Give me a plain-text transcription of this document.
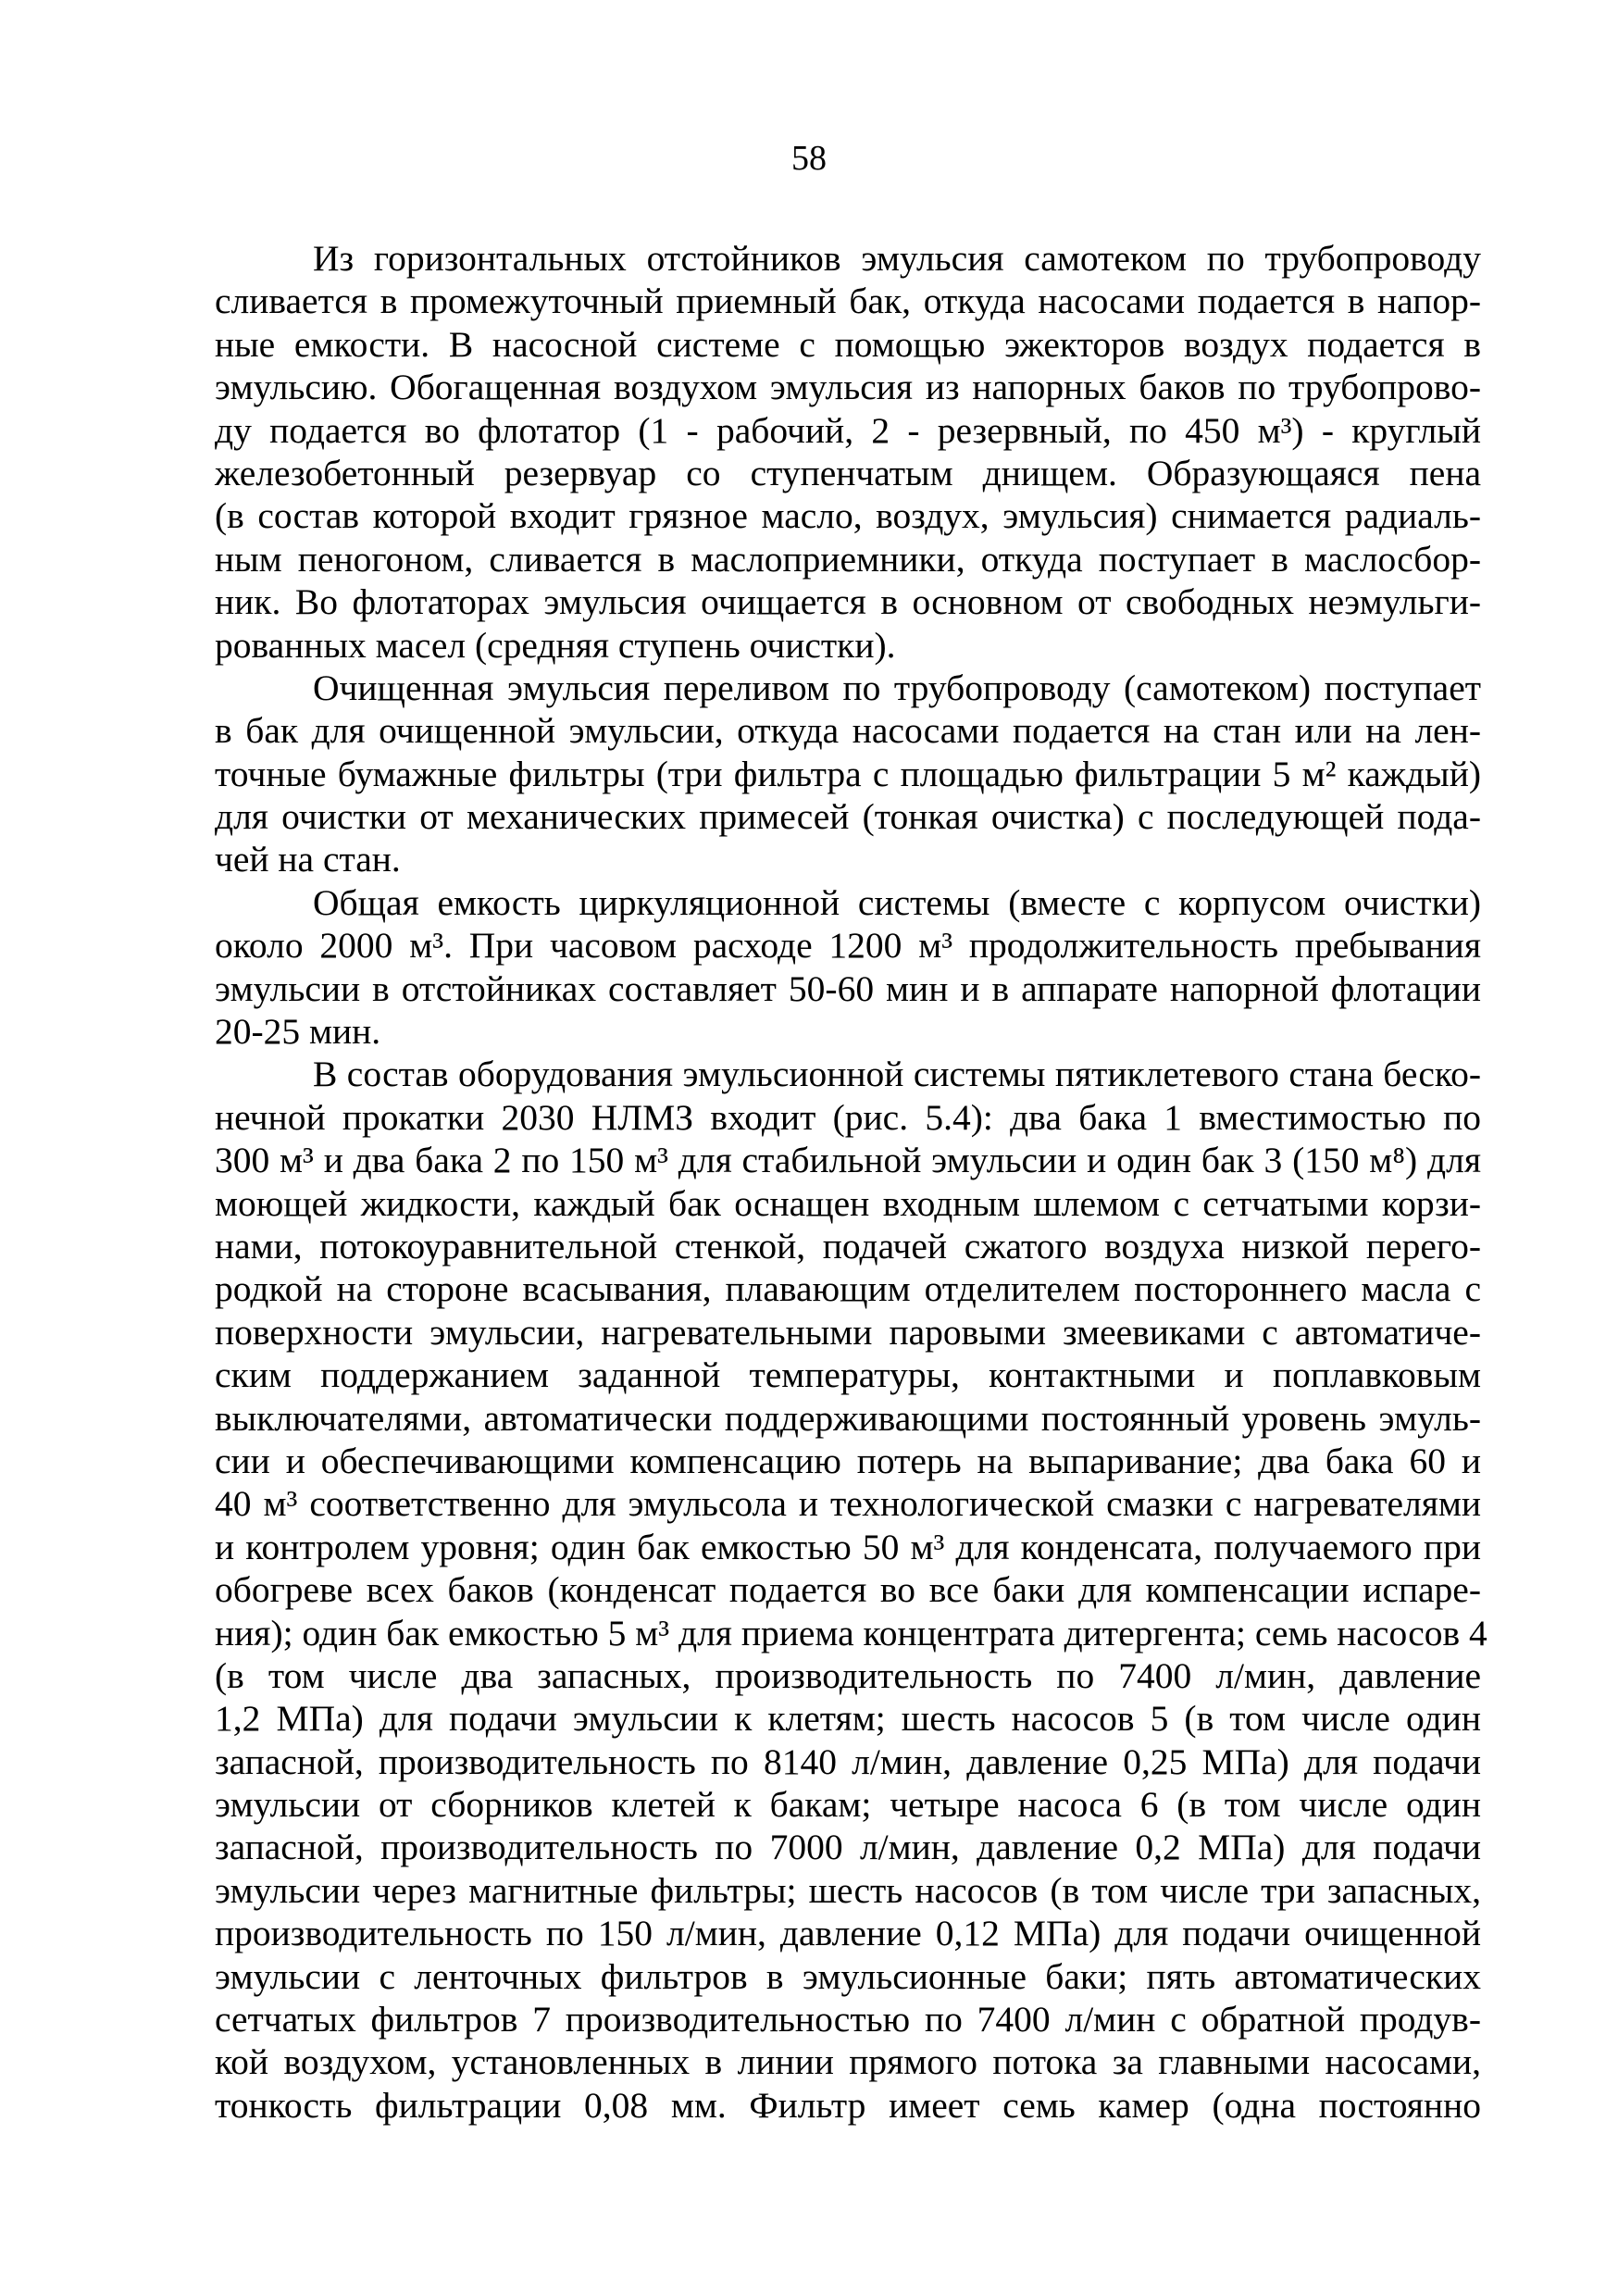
58
Из горизонтальных отстойников эмульсия самотеком по трубопроводу
сливается в промежуточный приемный бак, откуда насосами подается в напор-
ные емкости. В насосной системе с помощью эжекторов воздух подается в
эмульсию. Обогащенная воздухом эмульсия из напорных баков по трубопрово-
ду подается во флотатор (1 - рабочий, 2 - резервный, по 450 м³) - круглый
железобетонный резервуар со ступенчатым днищем. Образующаяся пена
(в состав которой входит грязное масло, воздух, эмульсия) снимается радиаль-
ным пеногоном, сливается в маслоприемники, откуда поступает в маслосбор-
ник. Во флотаторах эмульсия очищается в основном от свободных неэмульги-
рованных масел (средняя ступень очистки).
Очищенная эмульсия переливом по трубопроводу (самотеком) поступает
в бак для очищенной эмульсии, откуда насосами подается на стан или на лен-
точные бумажные фильтры (три фильтра с площадью фильтрации 5 м² каждый)
для очистки от механических примесей (тонкая очистка) с последующей пода-
чей на стан.
Общая емкость циркуляционной системы (вместе с корпусом очистки)
около 2000 м³. При часовом расходе 1200 м³ продолжительность пребывания
эмульсии в отстойниках составляет 50-60 мин и в аппарате напорной флотации
20-25 мин.
В состав оборудования эмульсионной системы пятиклетевого стана беско-
нечной прокатки 2030 НЛМЗ входит (рис. 5.4): два бака 1 вместимостью по
300 м³ и два бака 2 по 150 м³ для стабильной эмульсии и один бак 3 (150 м⁸) для
моющей жидкости, каждый бак оснащен входным шлемом с сетчатыми корзи-
нами, потокоуравнительной стенкой, подачей сжатого воздуха низкой перего-
родкой на стороне всасывания, плавающим отделителем постороннего масла с
поверхности эмульсии, нагревательными паровыми змеевиками с автоматиче-
ским поддержанием заданной температуры, контактными и поплавковым
выключателями, автоматически поддерживающими постоянный уровень эмуль-
сии и обеспечивающими компенсацию потерь на выпаривание; два бака 60 и
40 м³ соответственно для эмульсола и технологической смазки с нагревателями
и контролем уровня; один бак емкостью 50 м³ для конденсата, получаемого при
обогреве всех баков (конденсат подается во все баки для компенсации испаре-
ния); один бак емкостью 5 м³ для приема концентрата дитергента; семь насосов 4
(в том числе два запасных, производительность по 7400 л/мин, давление
1,2 МПа) для подачи эмульсии к клетям; шесть насосов 5 (в том числе один
запасной, производительность по 8140 л/мин, давление 0,25 МПа) для подачи
эмульсии от сборников клетей к бакам; четыре насоса 6 (в том числе один
запасной, производительность по 7000 л/мин, давление 0,2 МПа) для подачи
эмульсии через магнитные фильтры; шесть насосов (в том числе три запасных,
производительность по 150 л/мин, давление 0,12 МПа) для подачи очищенной
эмульсии с ленточных фильтров в эмульсионные баки; пять автоматических
сетчатых фильтров 7 производительностью по 7400 л/мин с обратной продув-
кой воздухом, установленных в линии прямого потока за главными насосами,
тонкость фильтрации 0,08 мм. Фильтр имеет семь камер (одна постоянно
